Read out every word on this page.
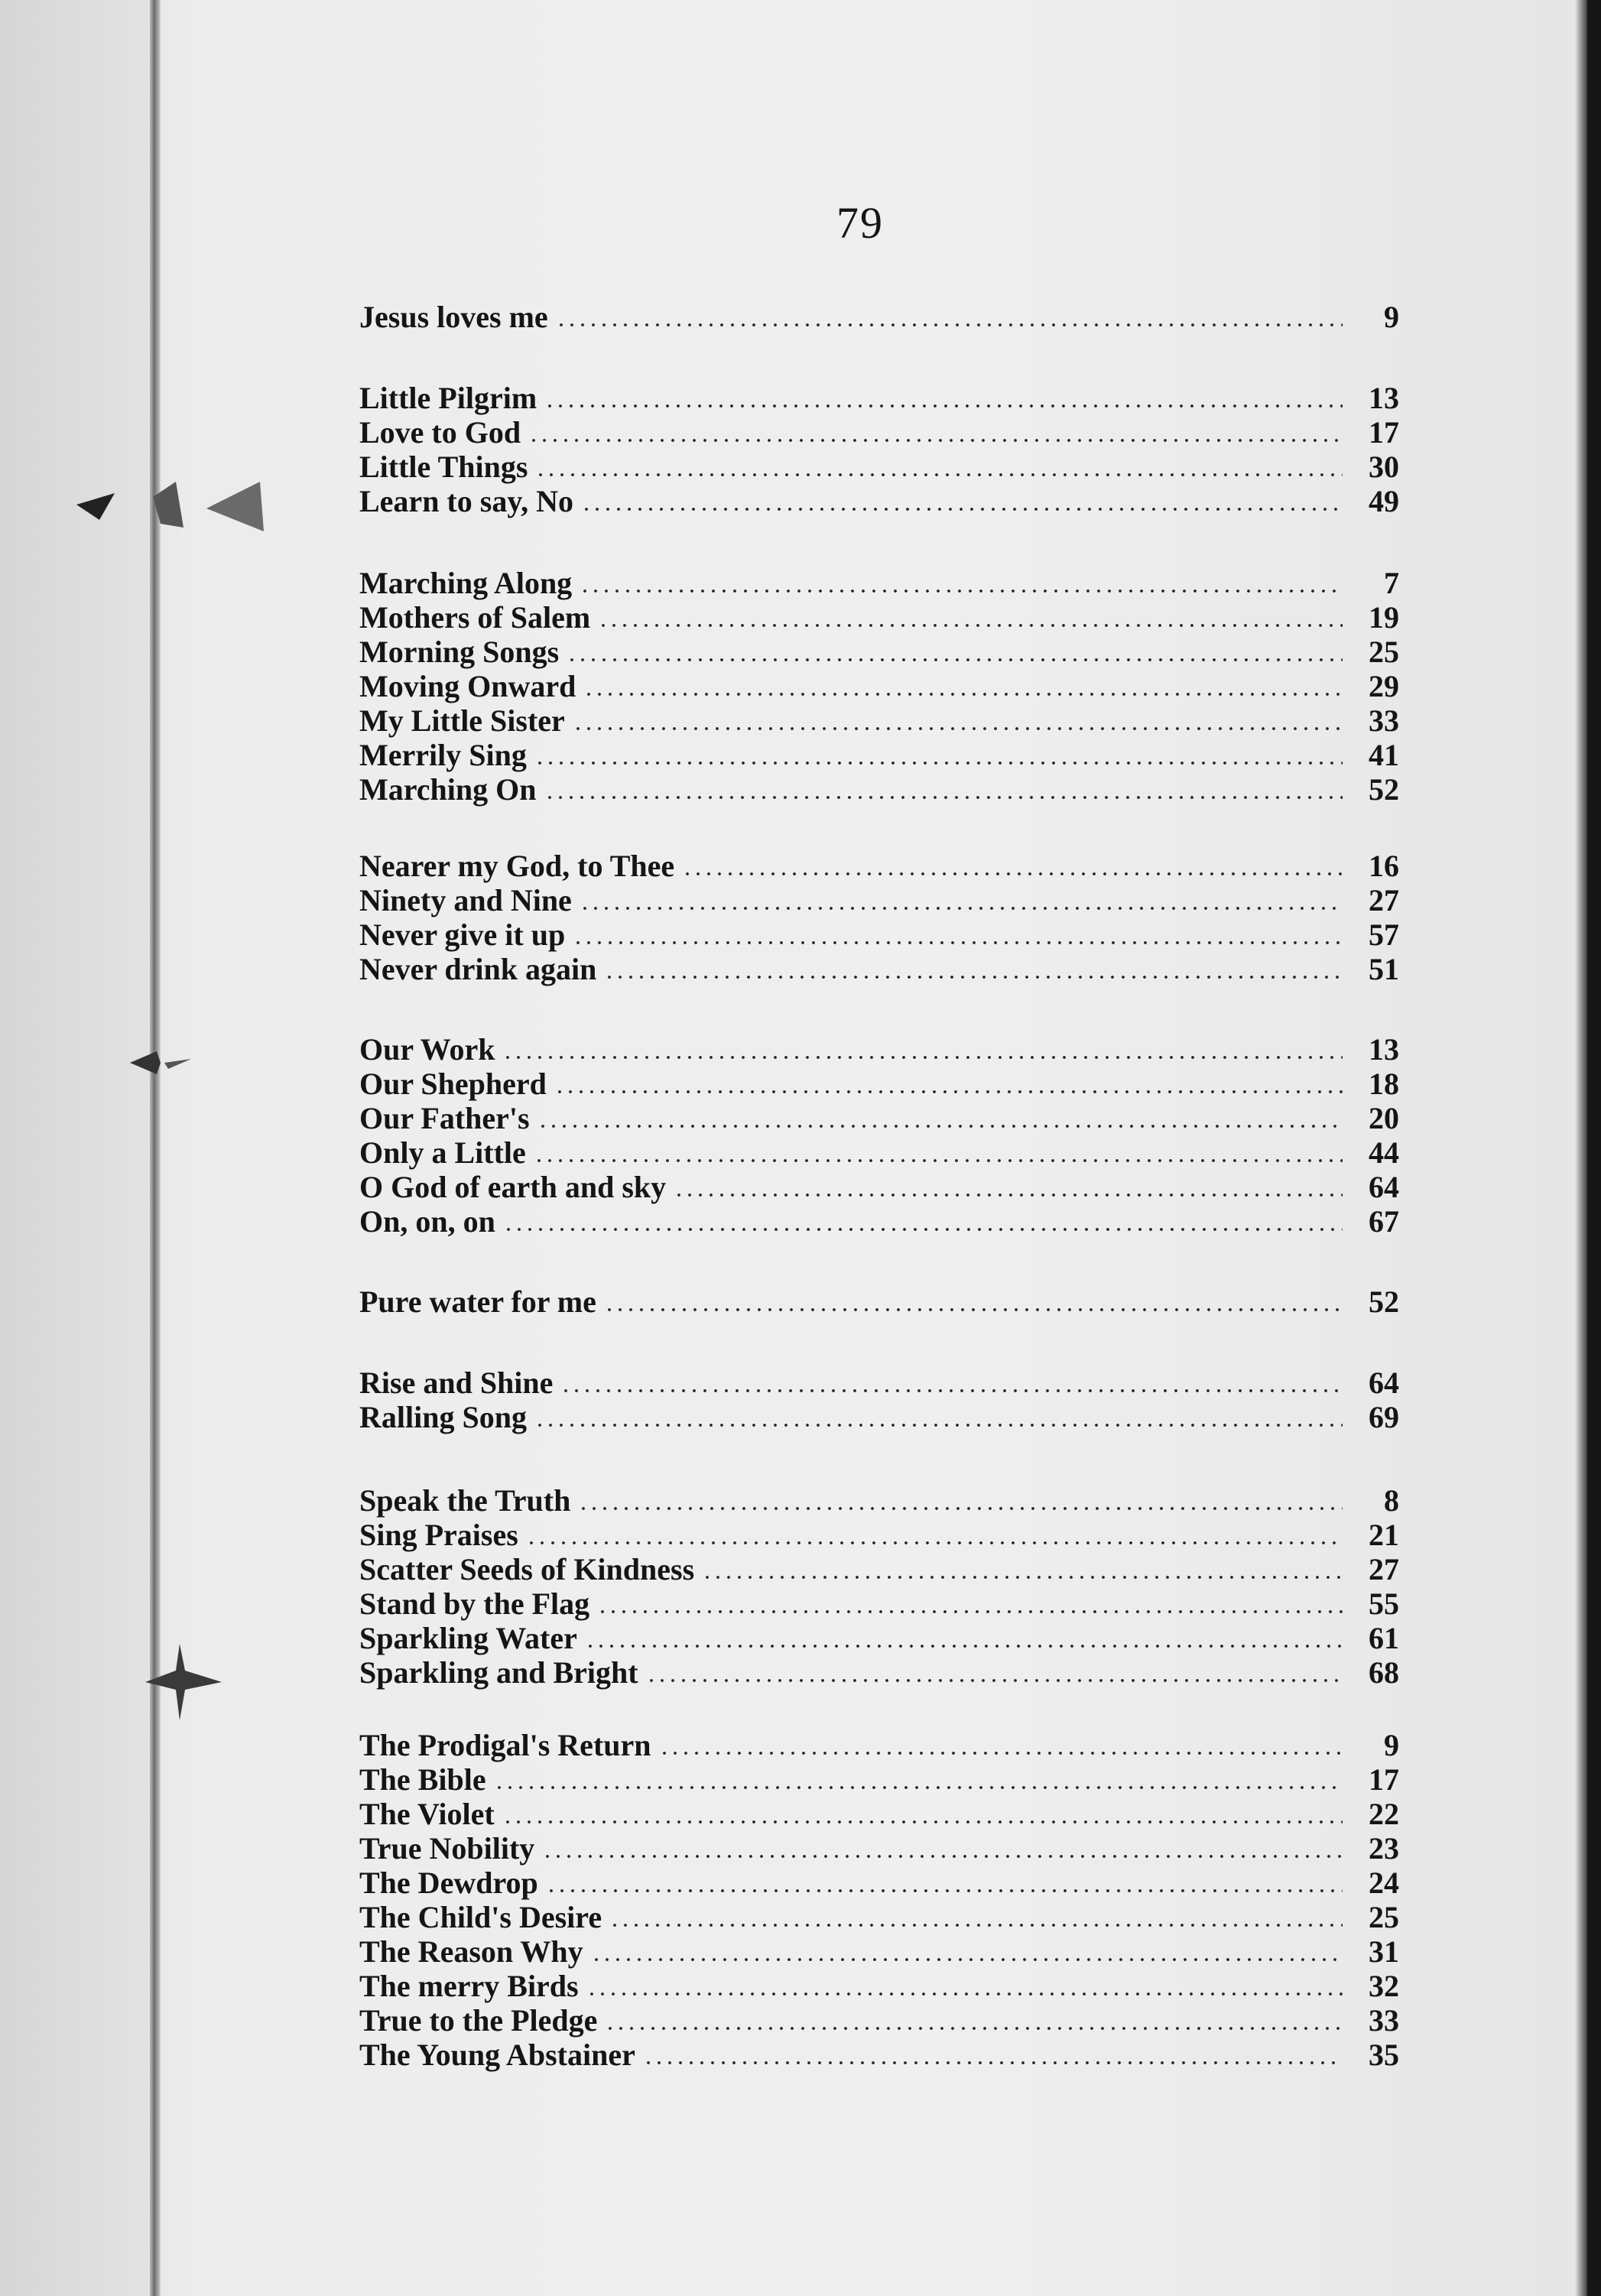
79
Jesus loves me	9
Little Pilgrim	13
Love to God	17
Little Things	30
Learn to say, No	49
Marching Along	7
Mothers of Salem	19
Morning Songs	25
Moving Onward	29
My Little Sister	33
Merrily Sing	41
Marching On	52
Nearer my God, to Thee	16
Ninety and Nine	27
Never give it up	57
Never drink again	51
Our Work	13
Our Shepherd	18
Our Father's	20
Only a Little	44
O God of earth and sky	64
On, on, on	67
Pure water for me	52
Rise and Shine	64
Ralling Song	69
Speak the Truth	8
Sing Praises	21
Scatter Seeds of Kindness	27
Stand by the Flag	55
Sparkling Water	61
Sparkling and Bright	68
The Prodigal's Return	9
The Bible	17
The Violet	22
True Nobility	23
The Dewdrop	24
The Child's Desire	25
The Reason Why	31
The merry Birds	32
True to the Pledge	33
The Young Abstainer	35
